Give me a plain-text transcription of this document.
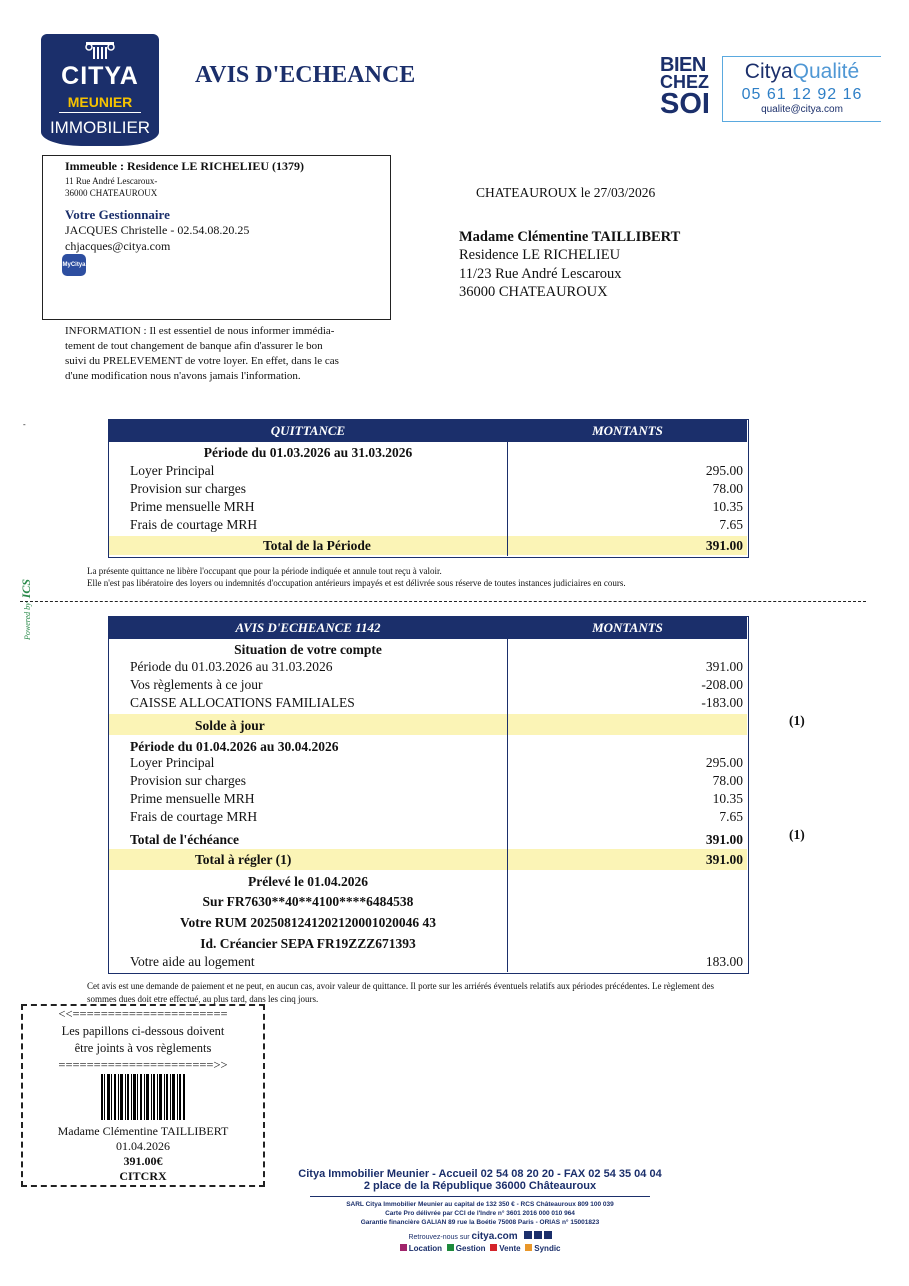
CITYA
MEUNIER
IMMOBILIER
AVIS D'ECHEANCE	BIEN
CHEZ
SOI
CityaQualité
05 61 12 92 16
qualite@citya.com
Immeuble : Residence LE RICHELIEU (1379)
11 Rue André Lescaroux-
36000 CHATEAUROUX
Votre Gestionnaire
JACQUES Christelle - 02.54.08.20.25
chjacques@citya.com
MyCitya
CHATEAUROUX le 27/03/2026
Madame Clémentine TAILLIBERT
Residence LE RICHELIEU
11/23 Rue André Lescaroux
36000 CHATEAUROUX
INFORMATION : Il est essentiel de nous informer immédia-
tement de tout changement de banque afin d'assurer le bon
suivi du PRELEVEMENT de votre loyer. En effet, dans le cas
d'une modification nous n'avons jamais l'information.
QUITTANCE	MONTANTS
Période du 01.03.2026 au 31.03.2026
Loyer Principal	295.00
Provision sur charges	78.00
Prime mensuelle MRH	10.35
Frais de courtage MRH	7.65
Total de la Période	391.00
La présente quittance ne libère l'occupant que pour la période indiquée et annule tout reçu à valoir.
Elle n'est pas libératoire des loyers ou indemnités d'occupation antérieurs impayés et est délivrée sous réserve de toutes instances judiciaires en cours.
-
Powered by ICS
AVIS D'ECHEANCE 1142	MONTANTS
Situation de votre compte
Période du 01.03.2026 au 31.03.2026	391.00
Vos règlements à ce jour	-208.00
CAISSE ALLOCATIONS FAMILIALES	-183.00
Solde à jour	(1)
Période du 01.04.2026 au 30.04.2026
Loyer Principal	295.00
Provision sur charges	78.00
Prime mensuelle MRH	10.35
Frais de courtage MRH	7.65
Total de l'échéance	391.00	(1)
Total à régler (1)	391.00
Prélevé le 01.04.2026
Sur FR7630**40**4100****6484538
Votre RUM 2025081241202120001020046 43
Id. Créancier SEPA FR19ZZZ671393
Votre aide au logement	183.00
Cet avis est une demande de paiement et ne peut, en aucun cas, avoir valeur de quittance. Il porte sur les arriérés éventuels relatifs aux périodes précédentes. Le règlement des
sommes dues doit etre effectué, au plus tard, dans les cinq jours.
<<======================
Les papillons ci-dessous doivent
être joints à vos règlements
======================>>
Madame Clémentine TAILLIBERT
01.04.2026
391.00€
CITCRX	Citya Immobilier Meunier - Accueil 02 54 08 20 20 - FAX 02 54 35 04 04
2 place de la République 36000 Châteauroux
SARL Citya Immobilier Meunier au capital de 132 350 € - RCS Châteauroux 809 100 039
Carte Pro délivrée par CCI de l'Indre n° 3601 2016 000 010 964
Garantie financière GALIAN 89 rue la Boétie 75008 Paris - ORIAS n° 15001823
Retrouvez-nous sur citya.com
Location Gestion Vente Syndic
